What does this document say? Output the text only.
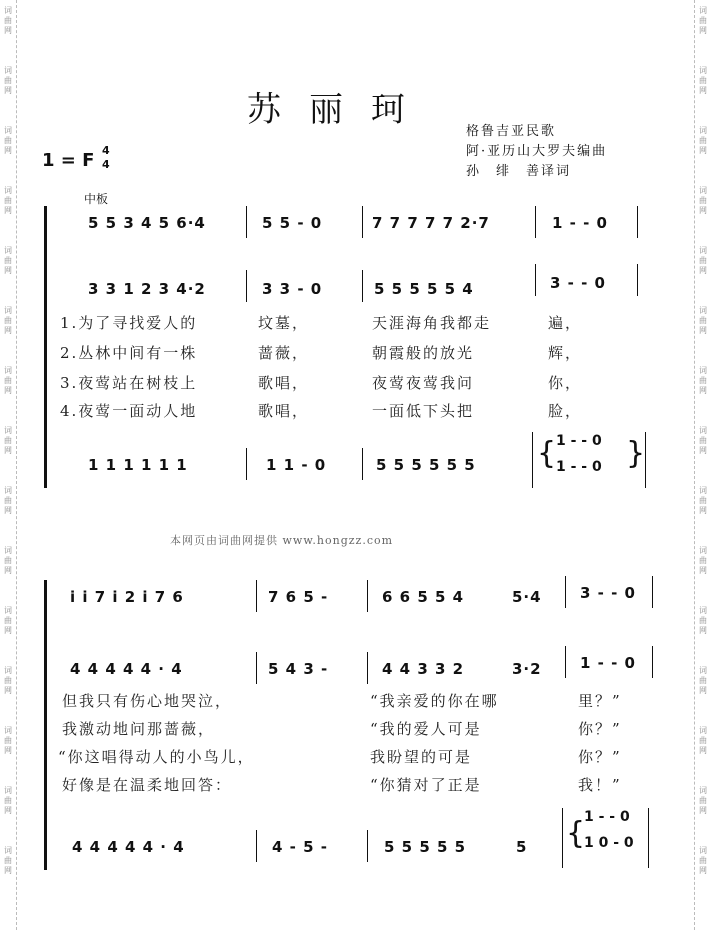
词曲网
词曲网
词曲网
词曲网
词曲网
词曲网
词曲网
词曲网
词曲网
词曲网
词曲网
词曲网
词曲网
词曲网
词曲网
词曲网
词曲网
词曲网
词曲网
词曲网
词曲网
词曲网
词曲网
词曲网
词曲网
词曲网
词曲网
词曲网
词曲网
词曲网
苏丽珂
格鲁吉亚民歌
阿·亚历山大罗夫编曲
孙　绯　善译词
1 = F 4
4
中板
5 5 3 4 5 6·4	5 5 - 0	7 7 7 7 7 2·7	1 - - 0
3 3 1 2 3 4·2	3 3 - 0	5 5 5 5 5 4	3 - - 0
1.为了寻找爱人的	坟墓，	天涯海角我都走	遍，
2.丛林中间有一株	蔷薇，	朝霞般的放光	辉，
3.夜莺站在树枝上	歌唱，	夜莺夜莺我问	你，
4.夜莺一面动人地	歌唱，	一面低下头把	脸，
1 1 1 1 1 1	1 1 - 0	5 5 5 5 5 5 { 1 - - 0
1 - - 0 }
本网页由词曲网提供 www.hongzz.com
i i 7 i 2 i 7 6	7 6 5 -	6 6 5 5 4	5·4	3 - - 0
4 4 4 4 4 · 4	5 4 3 -	4 4 3 3 2	3·2	1 - - 0
但我只有伤心地哭泣，	“我亲爱的你在哪	里？”
我激动地问那蔷薇，	“我的爱人可是	你？”
“你这唱得动人的小鸟儿，	我盼望的可是	你？”
好像是在温柔地回答：	“你猜对了正是	我！”
4 4 4 4 4 · 4	4 - 5 -	5 5 5 5 5	5 {
1 - - 0
1 0 - 0
